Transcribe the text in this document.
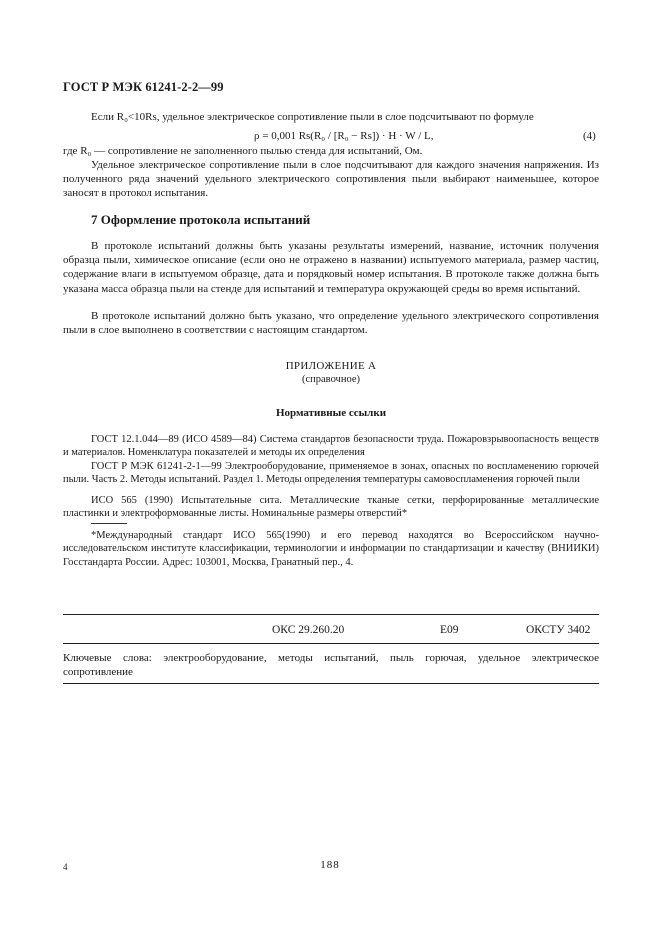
ГОСТ Р МЭК 61241-2-2—99

Если R₀<10Rs, удельное электрическое сопротивление пыли в слое подсчитывают по формуле

ρ = 0,001 Rs(R₀ / [R₀ − Rs]) · H · W / L,	(4)

где R₀ — сопротивление не заполненного пылью стенда для испытаний, Ом.

Удельное электрическое сопротивление пыли в слое подсчитывают для каждого значения напряжения. Из полученного ряда значений удельного электрического сопротивления пыли выбирают наименьшее, которое заносят в протокол испытания.

7 Оформление протокола испытаний

В протоколе испытаний должны быть указаны результаты измерений, название, источник получения образца пыли, химическое описание (если оно не отражено в названии) испытуемого материала, размер частиц, содержание влаги в испытуемом образце, дата и порядковый номер испытания. В протоколе также должна быть указана масса образца пыли на стенде для испытаний и температура окружающей среды во время испытаний.

В протоколе испытаний должно быть указано, что определение удельного электрического сопротивления пыли в слое выполнено в соответствии с настоящим стандартом.

ПРИЛОЖЕНИЕ А
(справочное)
Нормативные ссылки

ГОСТ 12.1.044—89 (ИСО 4589—84) Система стандартов безопасности труда. Пожаровзрывоопасность веществ и материалов. Номенклатура показателей и методы их определения

ГОСТ Р МЭК 61241-2-1—99 Электрооборудование, применяемое в зонах, опасных по воспламенению горючей пыли. Часть 2. Методы испытаний. Раздел 1. Методы определения температуры самовоспламенения горючей пыли

ИСО 565 (1990) Испытательные сита. Металлические тканые сетки, перфорированные металлические пластинки и электроформованные листы. Номинальные размеры отверстий*

*Международный стандарт ИСО 565(1990) и его перевод находятся во Всероссийском научно-исследовательском институте классификации, терминологии и информации по стандартизации и качеству (ВНИИКИ) Госстандарта России. Адрес: 103001, Москва, Гранатный пер., 4.

ОКС 29.260.20	Е09	ОКСТУ 3402

Ключевые слова: электрооборудование, методы испытаний, пыль горючая, удельное электрическое сопротивление

4	188
